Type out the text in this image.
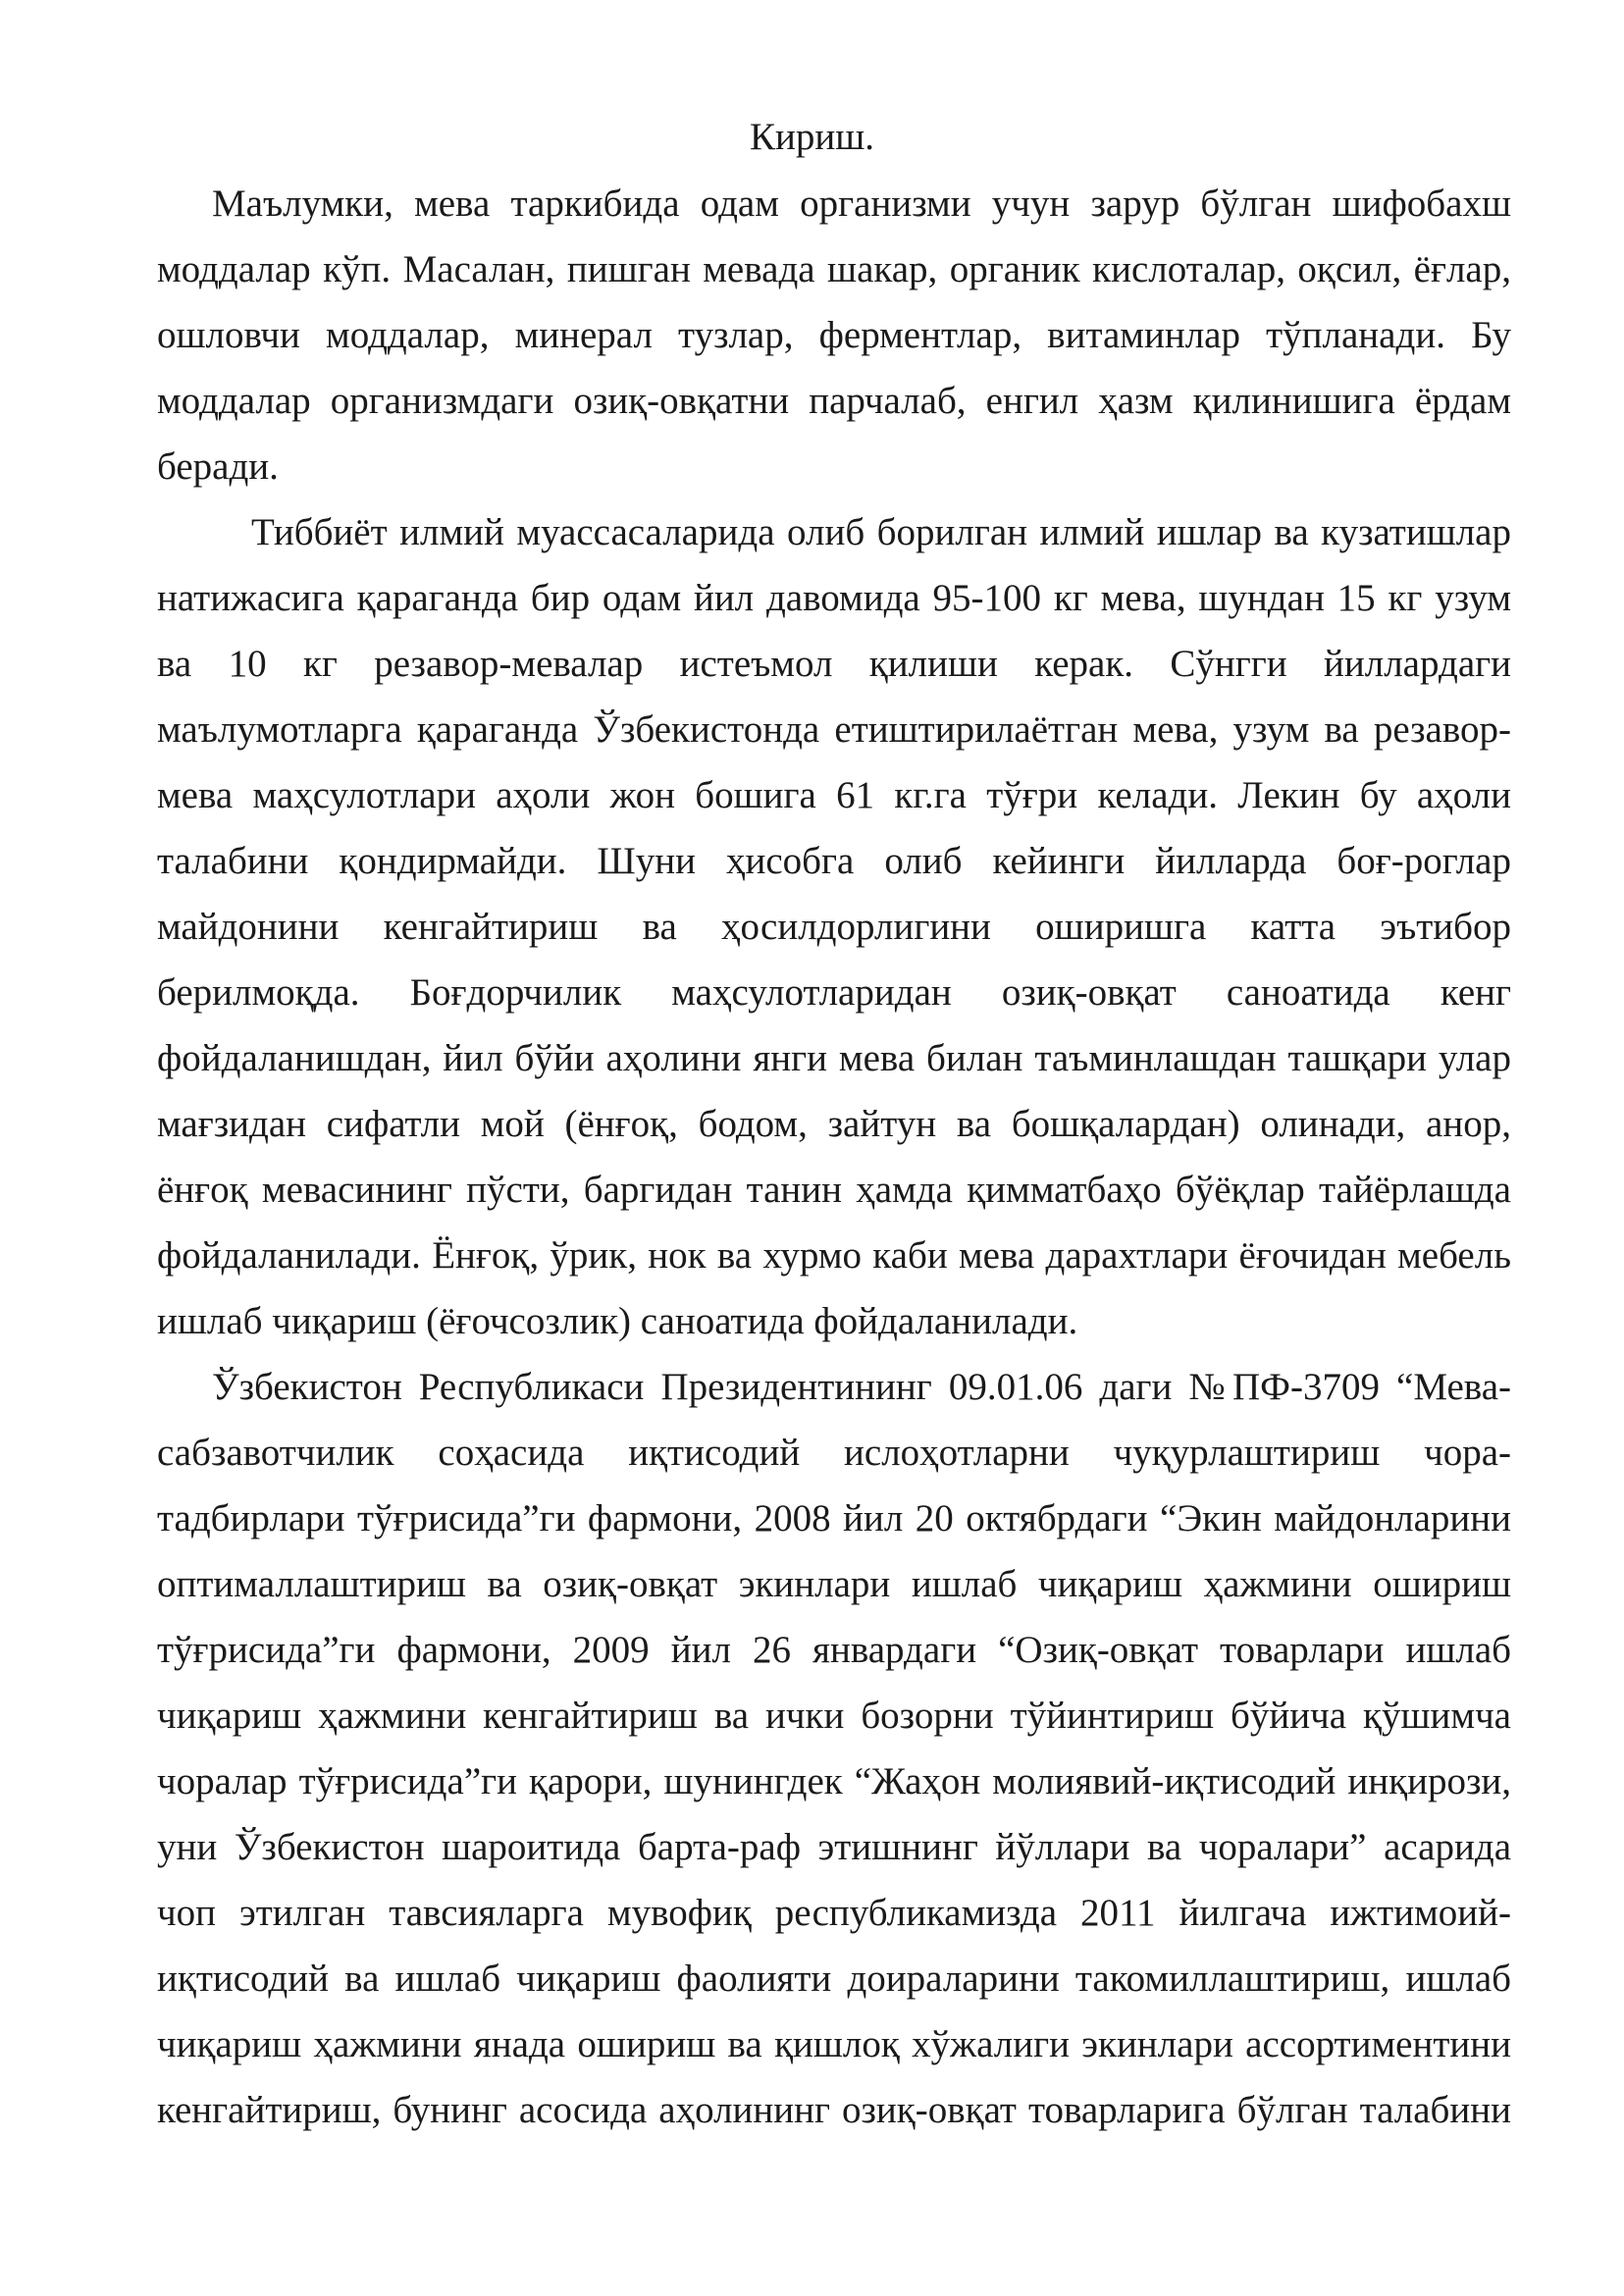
Кириш.
Маълумки, мева таркибида одам организми учун зарур бўлган шифобахш
моддалар кўп. Масалан, пишган мевада шакар, органик кислоталар, оқсил, ёғлар,
ошловчи моддалар, минерал тузлар, ферментлар, витаминлар тўпланади. Бу
моддалар организмдаги озиқ-овқатни парчалаб, енгил ҳазм қилинишига ёрдам
беради.
Тиббиёт илмий муассасаларида олиб борилган илмий ишлар ва кузатишлар
натижасига қараганда бир одам йил давомида 95-100 кг мева, шундан 15 кг узум
ва 10 кг резавор-мевалар истеъмол қилиши керак. Сўнгги йиллардаги
маълумотларга қараганда Ўзбекистонда етиштирилаётган мева, узум ва резавор-
мева маҳсулотлари аҳоли жон бошига 61 кг.га тўғри келади. Лекин бу аҳоли
талабини қондирмайди. Шуни ҳисобга олиб кейинги йилларда боғ-роглар
майдонини кенгайтириш ва ҳосилдорлигини оширишга катта эътибор
берилмоқда. Боғдорчилик маҳсулотларидан озиқ-овқат саноатида кенг
фойдаланишдан, йил бўйи аҳолини янги мева билан таъминлашдан ташқари улар
мағзидан сифатли мой (ёнғоқ, бодом, зайтун ва бошқалардан) олинади, анор,
ёнғоқ мевасининг пўсти, баргидан танин ҳамда қимматбаҳо бўёқлар тайёрлашда
фойдаланилади. Ёнғоқ, ўрик, нок ва хурмо каби мева дарахтлари ёғочидан мебель
ишлаб чиқариш (ёғочсозлик) саноатида фойдаланилади.
Ўзбекистон Республикаси Президентининг 09.01.06 даги №ПФ-3709 “Мева-
сабзавотчилик соҳасида иқтисодий ислоҳотларни чуқурлаштириш чора-
тадбирлари тўғрисида”ги фармони, 2008 йил 20 октябрдаги “Экин майдонларини
оптималлаштириш ва озиқ-овқат экинлари ишлаб чиқариш ҳажмини ошириш
тўғрисида”ги фармони, 2009 йил 26 январдаги “Озиқ-овқат товарлари ишлаб
чиқариш ҳажмини кенгайтириш ва ички бозорни тўйинтириш бўйича қўшимча
чоралар тўғрисида”ги қарори, шунингдек “Жаҳон молиявий-иқтисодий инқирози,
уни Ўзбекистон шароитида барта-раф этишнинг йўллари ва чоралари” асарида
чоп этилган тавсияларга мувофиқ республикамизда 2011 йилгача ижтимоий-
иқтисодий ва ишлаб чиқариш фаолияти доираларини такомиллаштириш, ишлаб
чиқариш ҳажмини янада ошириш ва қишлоқ хўжалиги экинлари ассортиментини
кенгайтириш, бунинг асосида аҳолининг озиқ-овқат товарларига бўлган талабини
